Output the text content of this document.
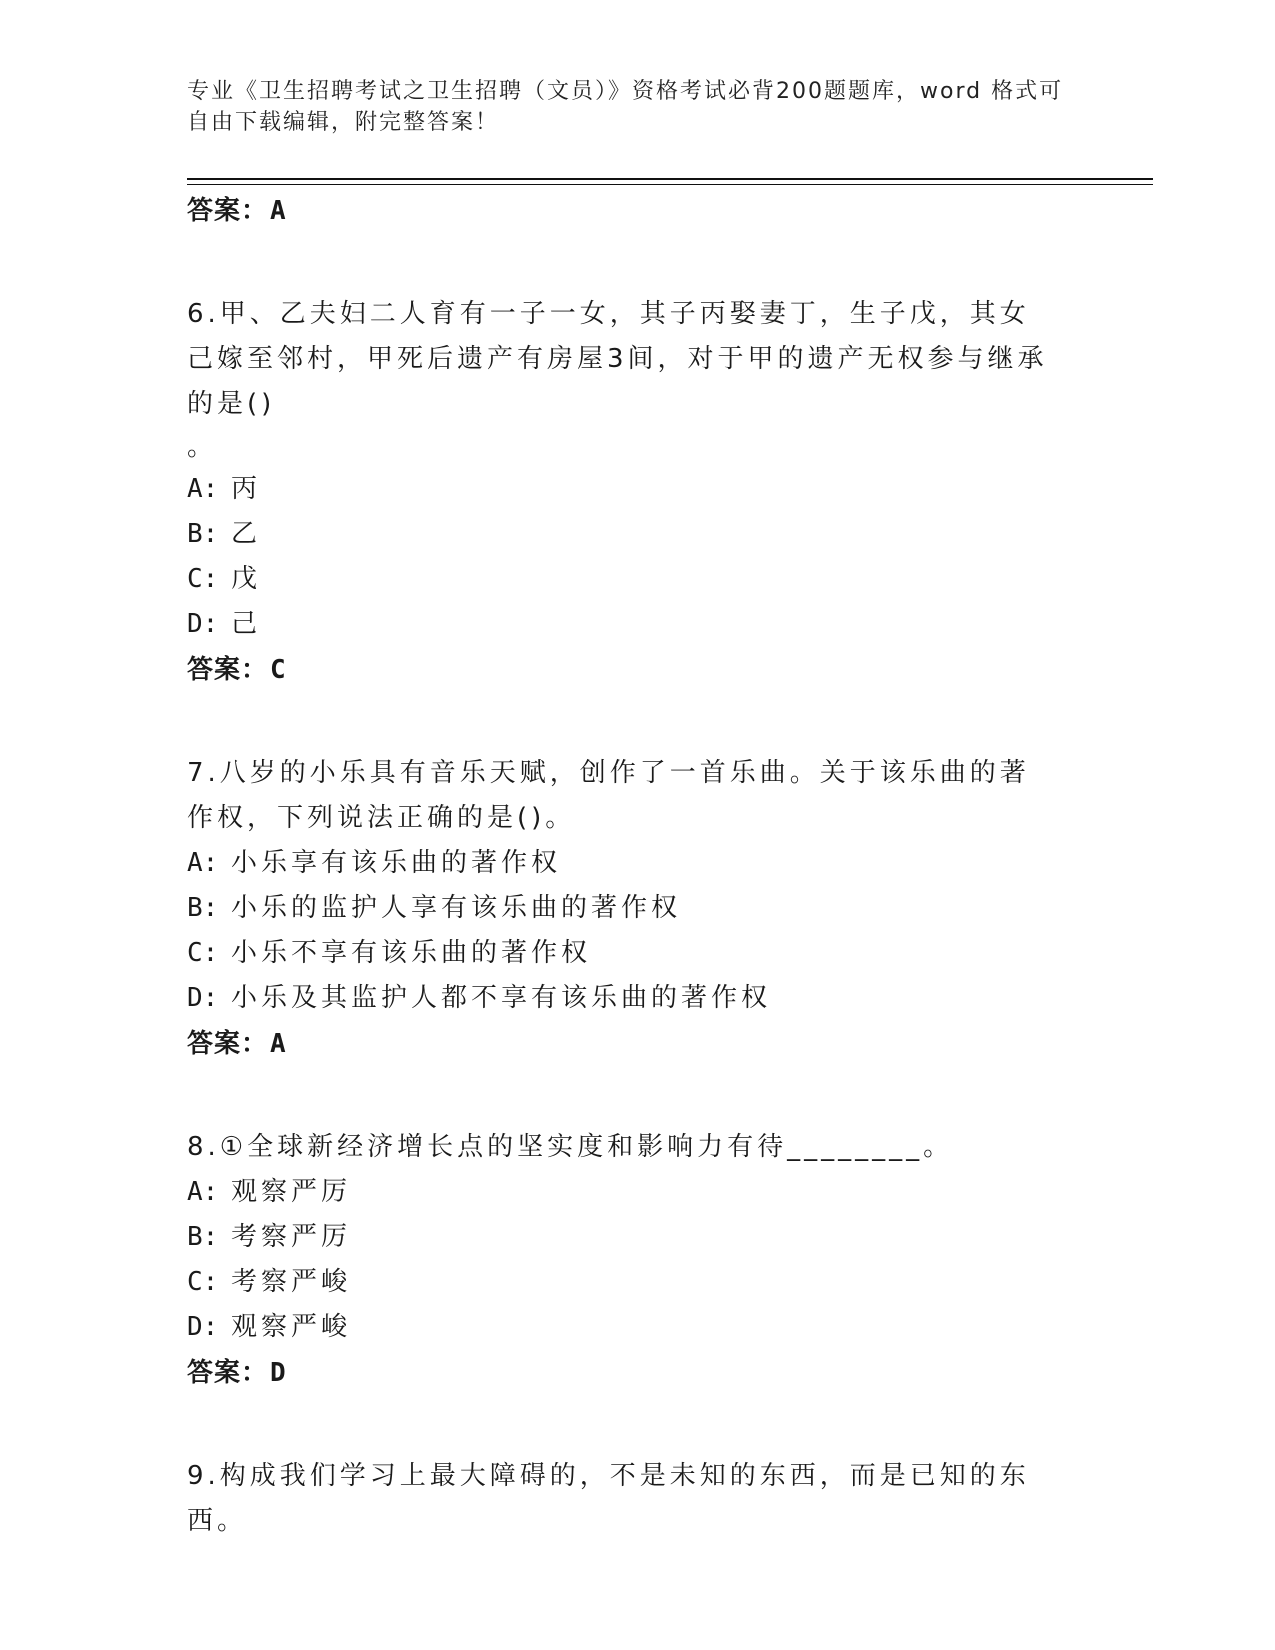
专业《卫生招聘考试之卫生招聘（文员）》资格考试必背200题题库，word 格式可自由下载编辑，附完整答案！
答案：A
6.甲、乙夫妇二人育有一子一女，其子丙娶妻丁，生子戊，其女己嫁至邻村，甲死后遗产有房屋3间，对于甲的遗产无权参与继承的是()
。
A: 丙
B: 乙
C: 戊
D: 己
答案：C
7.八岁的小乐具有音乐天赋，创作了一首乐曲。关于该乐曲的著作权，下列说法正确的是()。
A: 小乐享有该乐曲的著作权
B: 小乐的监护人享有该乐曲的著作权
C: 小乐不享有该乐曲的著作权
D: 小乐及其监护人都不享有该乐曲的著作权
答案：A
8.①全球新经济增长点的坚实度和影响力有待________。
A: 观察严厉
B: 考察严厉
C: 考察严峻
D: 观察严峻
答案：D
9.构成我们学习上最大障碍的，不是未知的东西，而是已知的东西。
